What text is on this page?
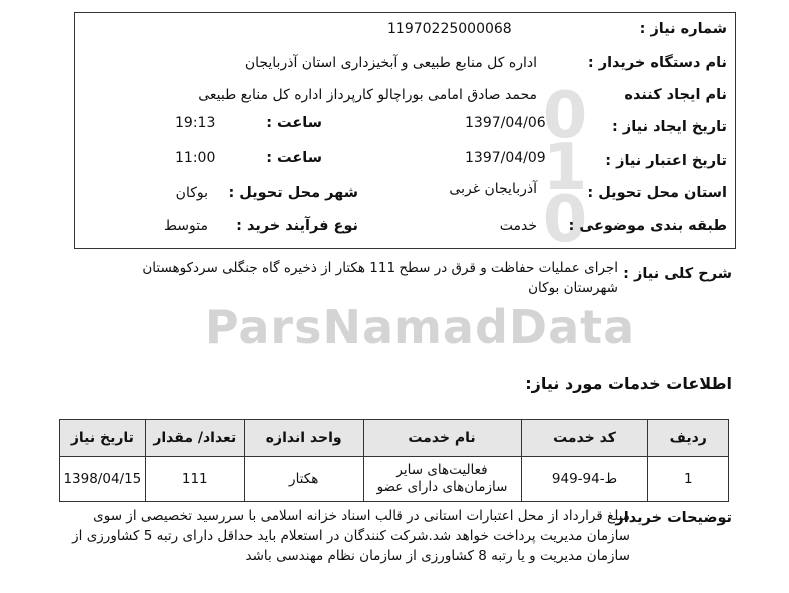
0
1
0
ParsNamadData
شماره نیاز :
11970225000068
نام دستگاه خریدار :
اداره کل منابع طبیعی و آبخیزداری استان آذربایجان
نام ایجاد کننده
محمد صادق امامی بوراچالو کارپرداز اداره کل منابع طبیعی
تاریخ ایجاد نیاز :
1397/04/06
ساعت :
19:13
تاریخ اعتبار نیاز :
1397/04/09
ساعت :
11:00
استان محل تحویل :
آذربایجان غربی
شهر محل تحویل :
بوکان
طبقه بندی موضوعی :
خدمت
نوع فرآیند خرید :
متوسط
شرح کلی نیاز :
اجرای عملیات حفاظت و قرق در سطح 111 هکتار از ذخیره گاه جنگلی سردکوهستان شهرستان بوکان
اطلاعات خدمات مورد نیاز:
ردیف	کد خدمت	نام خدمت	واحد اندازه	تعداد/ مقدار	تاریخ نیاز
1	ط-94-949	فعالیت‌های سایر سازمان‌های دارای عضو	هکتار	111	1398/04/15
توضیحات خریدار
مبلغ قرارداد از محل اعتبارات استانی در قالب اسناد خزانه اسلامی با سررسید تخصیصی از سوی سازمان مدیریت پرداخت خواهد شد.شرکت کنندگان در استعلام باید حداقل دارای رتبه 5 کشاورزی از سازمان مدیریت و یا رتبه 8 کشاورزی از سازمان نظام مهندسی باشد
